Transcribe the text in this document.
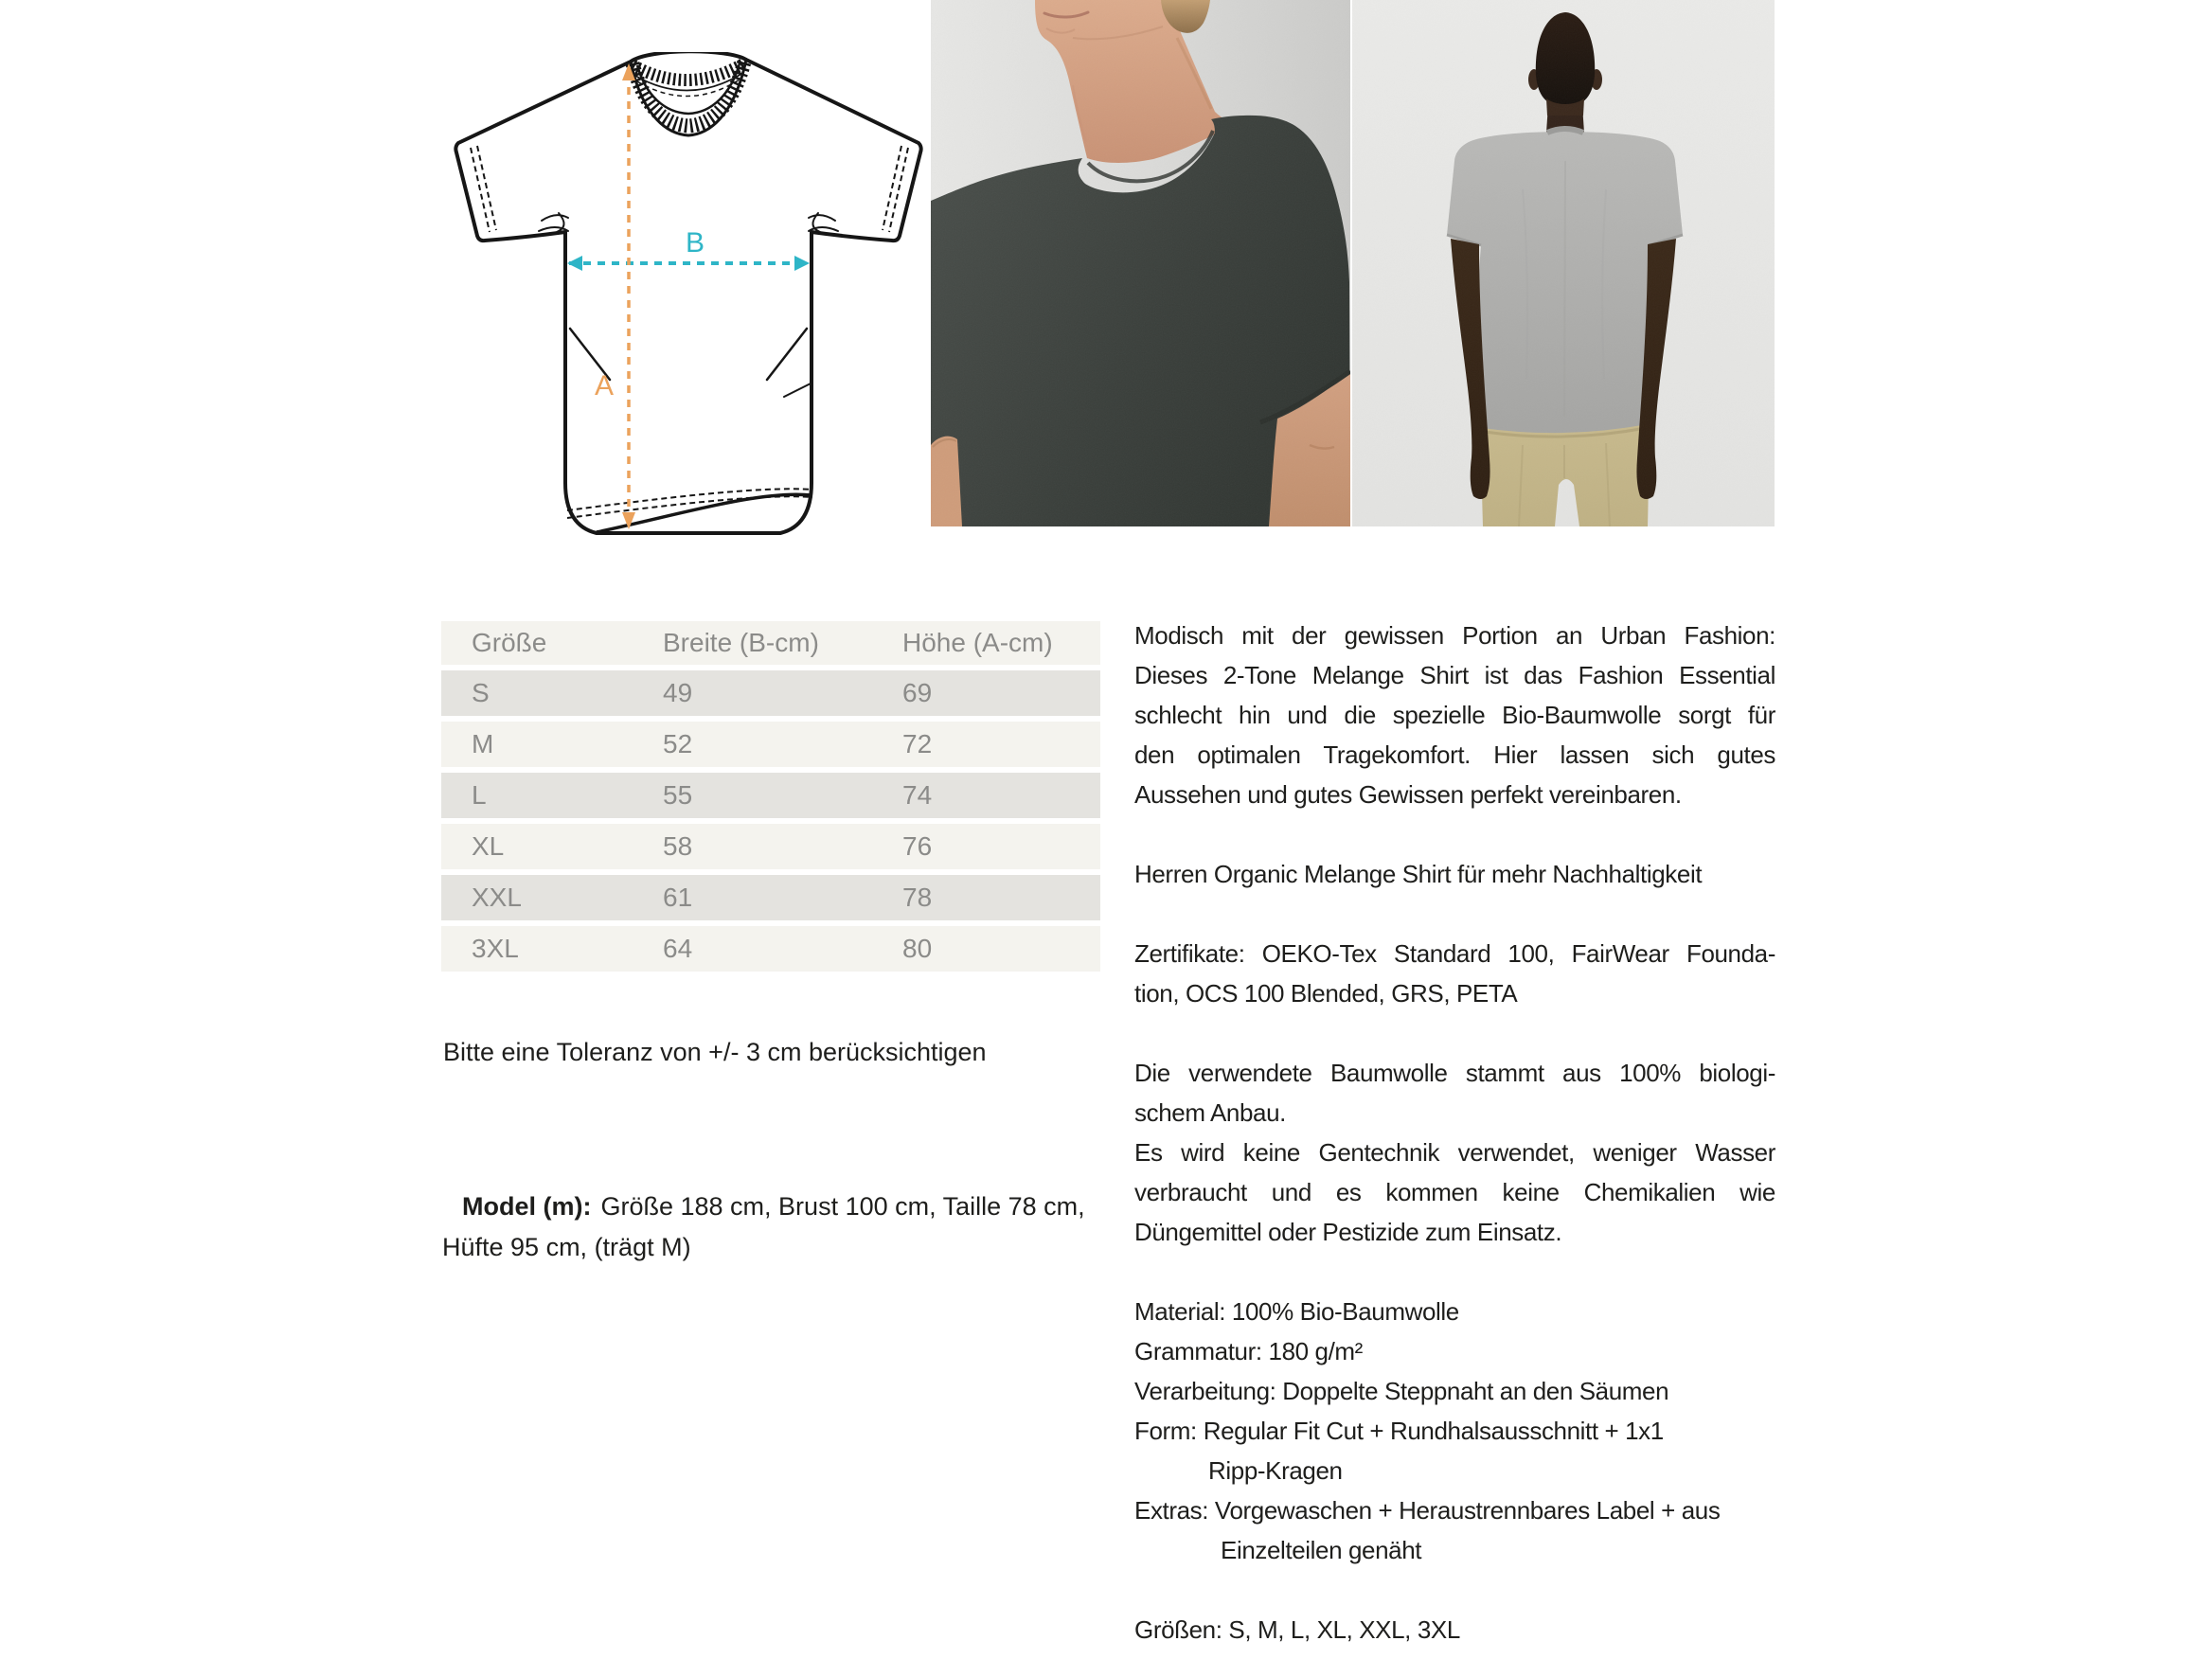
B
A
Größe	Breite (B-cm)	Höhe (A-cm)
S	49	69
M	52	72
L	55	74
XL	58	76
XXL	61	78
3XL	64	80

Bitte eine Toleranz von +/- 3 cm berücksichtigen

Model (m): Größe 188 cm, Brust 100 cm, Taille 78 cm,
Hüfte 95 cm, (trägt M)
Modisch mit der gewissen Portion an Urban Fashion:
Dieses 2-Tone Melange Shirt ist das Fashion Essential
schlecht hin und die spezielle Bio-Baumwolle sorgt für
den optimalen Tragekomfort. Hier lassen sich gutes
Aussehen und gutes Gewissen perfekt vereinbaren.
Herren Organic Melange Shirt für mehr Nachhaltigkeit
Zertifikate: OEKO-Tex Standard 100, FairWear Founda-
tion, OCS 100 Blended, GRS, PETA
Die verwendete Baumwolle stammt aus 100% biologi-
schem Anbau.
Es wird keine Gentechnik verwendet, weniger Wasser
verbraucht und es kommen keine Chemikalien wie
Düngemittel oder Pestizide zum Einsatz.
Material: 100% Bio-Baumwolle
Grammatur: 180 g/m²
Verarbeitung: Doppelte Steppnaht an den Säumen
Form: Regular Fit Cut + Rundhalsausschnitt + 1x1
Ripp-Kragen
Extras: Vorgewaschen + Heraustrennbares Label + aus
Einzelteilen genäht
Größen: S, M, L, XL, XXL, 3XL
